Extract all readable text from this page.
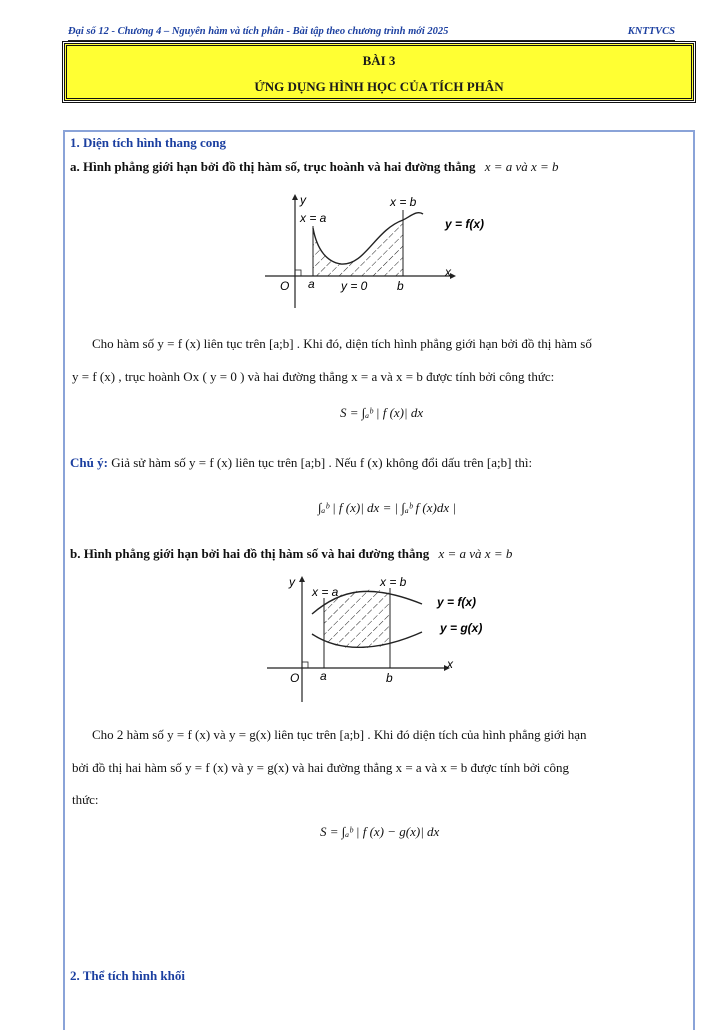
Đại số 12 - Chương 4 – Nguyên hàm và tích phân - Bài tập theo chương trình mới 2025	KNTTVCS
BÀI 3
ỨNG DỤNG HÌNH HỌC CỦA TÍCH PHÂN
1. Diện tích hình thang cong
a. Hình phẳng giới hạn bởi đồ thị hàm số, trục hoành và hai đường thẳng x = a và x = b
y
x = a
x = b
y = f(x)
x
O a y = 0 b
Cho hàm số y = f (x) liên tục trên [a;b] . Khi đó, diện tích hình phẳng giới hạn bởi đồ thị hàm số
y = f (x) , trục hoành Ox ( y = 0 ) và hai đường thẳng x = a và x = b được tính bởi công thức:
S = ∫ₐᵇ | f (x)| dx
Chú ý: Giả sử hàm số y = f (x) liên tục trên [a;b] . Nếu f (x) không đổi dấu trên [a;b] thì:
∫ₐᵇ | f (x)| dx = | ∫ₐᵇ f (x)dx |
b. Hình phẳng giới hạn bởi hai đồ thị hàm số và hai đường thẳng x = a và x = b
y
x = a
x = b
y = f(x)
y = g(x)
x
O a	b
Cho 2 hàm số y = f (x) và y = g(x) liên tục trên [a;b] . Khi đó diện tích của hình phẳng giới hạn
bởi đồ thị hai hàm số y = f (x) và y = g(x) và hai đường thẳng x = a và x = b được tính bởi công
thức:
S = ∫ₐᵇ | f (x) − g(x)| dx
2. Thể tích hình khối
